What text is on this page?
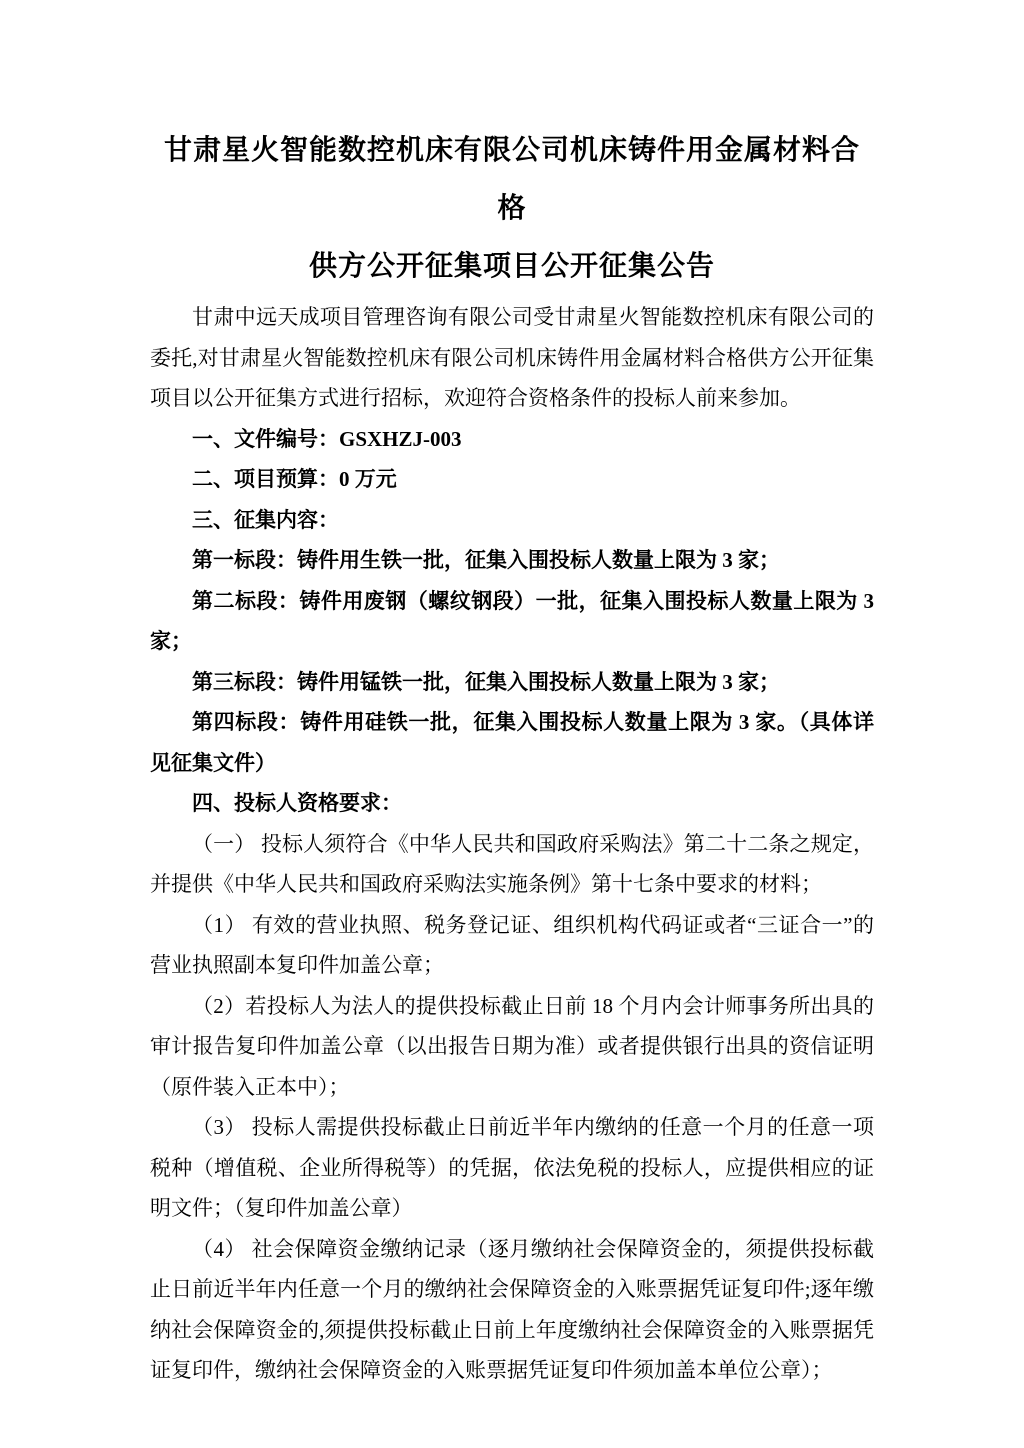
甘肃星火智能数控机床有限公司机床铸件用金属材料合格
供方公开征集项目公开征集公告

甘肃中远天成项目管理咨询有限公司受甘肃星火智能数控机床有限公司的委托,对甘肃星火智能数控机床有限公司机床铸件用金属材料合格供方公开征集项目以公开征集方式进行招标，欢迎符合资格条件的投标人前来参加。

一、文件编号：GSXHZJ-003

二、项目预算：0 万元

三、征集内容：

第一标段：铸件用生铁一批，征集入围投标人数量上限为 3 家；

第二标段：铸件用废钢（螺纹钢段）一批，征集入围投标人数量上限为 3 家；

第三标段：铸件用锰铁一批，征集入围投标人数量上限为 3 家；

第四标段：铸件用硅铁一批，征集入围投标人数量上限为 3 家。（具体详见征集文件）

四、投标人资格要求：

（一） 投标人须符合《中华人民共和国政府采购法》第二十二条之规定，并提供《中华人民共和国政府采购法实施条例》第十七条中要求的材料；

（1） 有效的营业执照、税务登记证、组织机构代码证或者“三证合一”的营业执照副本复印件加盖公章；

（2）若投标人为法人的提供投标截止日前 18 个月内会计师事务所出具的审计报告复印件加盖公章（以出报告日期为准）或者提供银行出具的资信证明（原件装入正本中）；

（3） 投标人需提供投标截止日前近半年内缴纳的任意一个月的任意一项税种（增值税、企业所得税等）的凭据，依法免税的投标人，应提供相应的证明文件；（复印件加盖公章）

（4） 社会保障资金缴纳记录（逐月缴纳社会保障资金的，须提供投标截止日前近半年内任意一个月的缴纳社会保障资金的入账票据凭证复印件;逐年缴纳社会保障资金的,须提供投标截止日前上年度缴纳社会保障资金的入账票据凭证复印件，缴纳社会保障资金的入账票据凭证复印件须加盖本单位公章）；
